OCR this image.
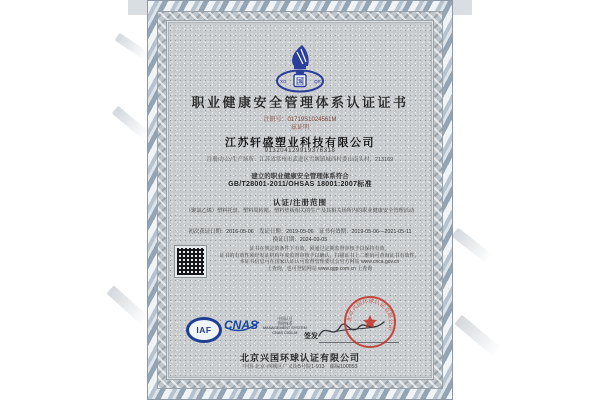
国
XG	QR
职业健康安全管理体系认证证书
注册号：01719S1024561M
兹证明
江苏轩盛塑业科技有限公司
913204129919376318
注册/办公/生产场所：江苏省常州市武进区雪堰镇城西村委山南头村，213169
建立的职业健康安全管理体系符合
GB/T28001-2011/OHSAS 18001:2007标准
认证/注册范围
（聚氯乙烯）塑料托盘、塑料周转箱、塑料垫板相关的生产及其相关场所内的职业健康安全管理活动
初次获证日期：2016-05-06　发证日期：2019-05-06　证书有效期：2019-05-06—2021-05-11
换证日期：2024-09-05
证书在规定的条件下有效，须通过定期监督审核予以保持有效。
证书的有效性须经发证机构年度监督审核予以确认，扫描证书上二维码可查询证书有效性，
本证书信息可在国家认证认可监督管理委员会官方网站 www.cnca.gov.cn
上查询，也可登陆网站 www.qgp.com.cn 上查询
IAF CNAS	中国认可
管理体系
MANAGEMENT SYSTEM
CNAS C031-M
签发
北京兴国环球认证有限公司
北京兴国环球认证有限公司
中国·北京·西城区广义街5号院1-913　邮编100053
